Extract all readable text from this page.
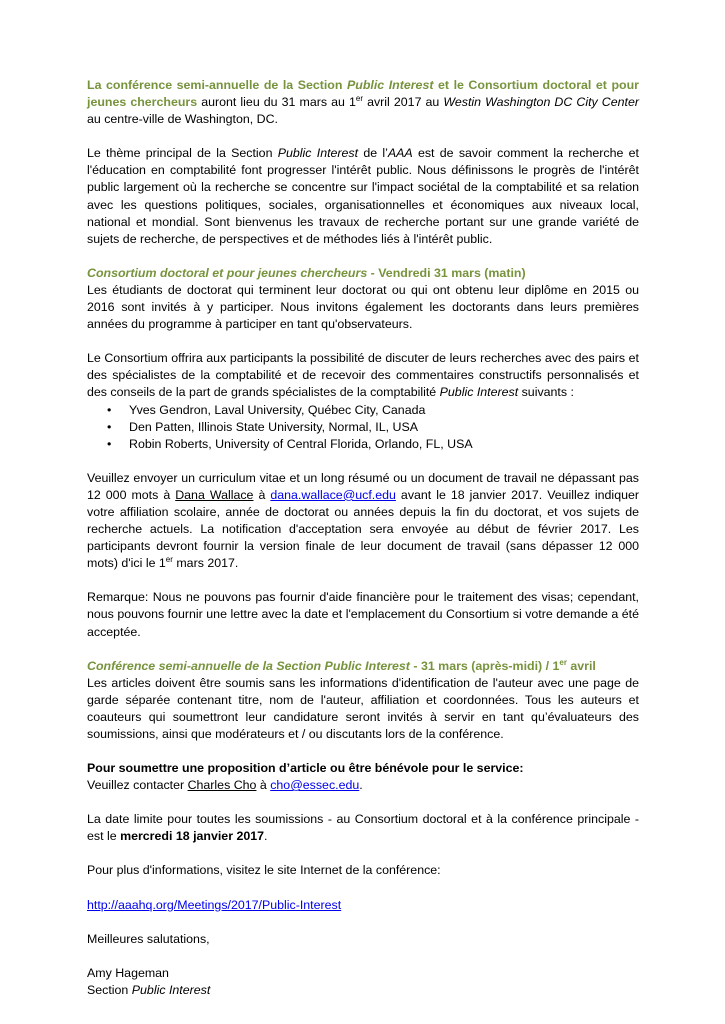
La conférence semi-annuelle de la Section Public Interest et le Consortium doctoral et pour jeunes chercheurs auront lieu du 31 mars au 1er avril 2017 au Westin Washington DC City Center au centre-ville de Washington, DC.

Le thème principal de la Section Public Interest de l’AAA est de savoir comment la recherche et l'éducation en comptabilité font progresser l'intérêt public. Nous définissons le progrès de l'intérêt public largement où la recherche se concentre sur l'impact sociétal de la comptabilité et sa relation avec les questions politiques, sociales, organisationnelles et économiques aux niveaux local, national et mondial. Sont bienvenus les travaux de recherche portant sur une grande variété de sujets de recherche, de perspectives et de méthodes liés à l'intérêt public.

Consortium doctoral et pour jeunes chercheurs - Vendredi 31 mars (matin)

Les étudiants de doctorat qui terminent leur doctorat ou qui ont obtenu leur diplôme en 2015 ou 2016 sont invités à y participer. Nous invitons également les doctorants dans leurs premières années du programme à participer en tant qu'observateurs.

Le Consortium offrira aux participants la possibilité de discuter de leurs recherches avec des pairs et des spécialistes de la comptabilité et de recevoir des commentaires constructifs personnalisés et des conseils de la part de grands spécialistes de la comptabilité Public Interest suivants :

• Yves Gendron, Laval University, Québec City, Canada
• Den Patten, Illinois State University, Normal, IL, USA
• Robin Roberts, University of Central Florida, Orlando, FL, USA

Veuillez envoyer un curriculum vitae et un long résumé ou un document de travail ne dépassant pas 12 000 mots à Dana Wallace à dana.wallace@ucf.edu avant le 18 janvier 2017. Veuillez indiquer votre affiliation scolaire, année de doctorat ou années depuis la fin du doctorat, et vos sujets de recherche actuels. La notification d'acceptation sera envoyée au début de février 2017. Les participants devront fournir la version finale de leur document de travail (sans dépasser 12 000 mots) d'ici le 1er mars 2017.

Remarque: Nous ne pouvons pas fournir d'aide financière pour le traitement des visas; cependant, nous pouvons fournir une lettre avec la date et l'emplacement du Consortium si votre demande a été acceptée.

Conférence semi-annuelle de la Section Public Interest - 31 mars (après-midi) / 1er avril

Les articles doivent être soumis sans les informations d'identification de l'auteur avec une page de garde séparée contenant titre, nom de l'auteur, affiliation et coordonnées. Tous les auteurs et coauteurs qui soumettront leur candidature seront invités à servir en tant qu’évaluateurs des soumissions, ainsi que modérateurs et / ou discutants lors de la conférence.

Pour soumettre une proposition d’article ou être bénévole pour le service:

Veuillez contacter Charles Cho à cho@essec.edu.

La date limite pour toutes les soumissions - au Consortium doctoral et à la conférence principale - est le mercredi 18 janvier 2017.

Pour plus d'informations, visitez le site Internet de la conférence:

http://aaahq.org/Meetings/2017/Public-Interest

Meilleures salutations,

Amy Hageman

Section Public Interest
